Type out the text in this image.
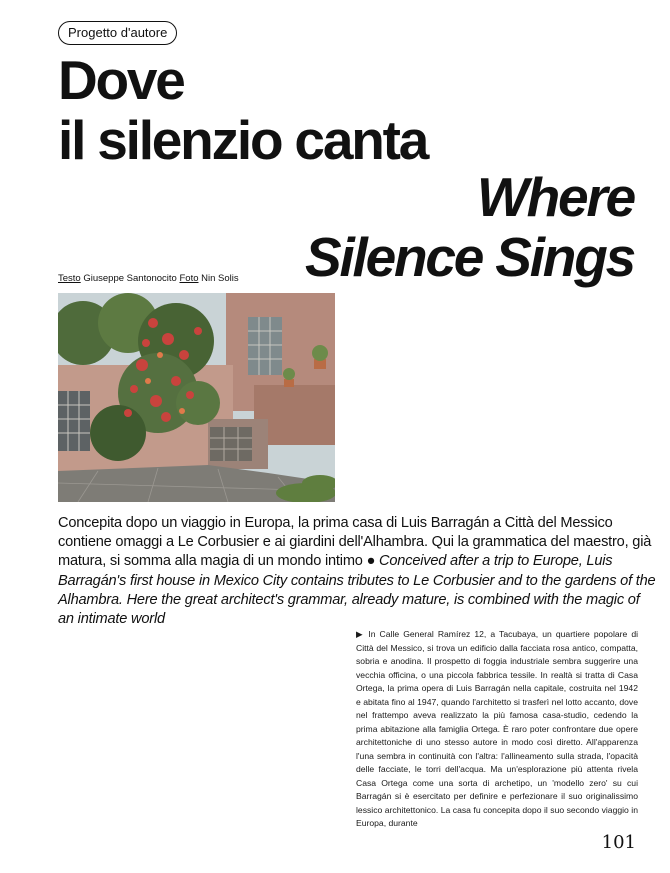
Progetto d'autore
Dove
il silenzio canta
Where
Silence Sings
Testo Giuseppe Santonocito Foto Nin Solis

Concepita dopo un viaggio in Europa, la prima casa di Luis Barragán a Città del Messico contiene omaggi a Le Corbusier e ai giardini dell'Alhambra. Qui la grammatica del maestro, già matura, si somma alla magia di un mondo intimo ● Conceived after a trip to Europe, Luis Barragán's first house in Mexico City contains tributes to Le Corbusier and to the gardens of the Alhambra. Here the great architect's grammar, already mature, is combined with the magic of an intimate world

▶ In Calle General Ramírez 12, a Tacubaya, un quartiere popolare di Città del Messico, si trova un edificio dalla facciata rosa antico, compatta, sobria e anodina. Il prospetto di foggia industriale sembra suggerire una vecchia officina, o una piccola fabbrica tessile. In realtà si tratta di Casa Ortega, la prima opera di Luis Barragán nella capitale, costruita nel 1942 e abitata fino al 1947, quando l'architetto si trasferì nel lotto accanto, dove nel frattempo aveva realizzato la più famosa casa-studio, cedendo la prima abitazione alla famiglia Ortega. È raro poter confrontare due opere architettoniche di uno stesso autore in modo così diretto. All'apparenza l'una sembra in continuità con l'altra: l'allineamento sulla strada, l'opacità delle facciate, le torri dell'acqua. Ma un'esplorazione più attenta rivela Casa Ortega come una sorta di archetipo, un 'modello zero' su cui Barragán si è esercitato per definire e perfezionare il suo originalissimo lessico architettonico. La casa fu concepita dopo il suo secondo viaggio in Europa, durante

101
